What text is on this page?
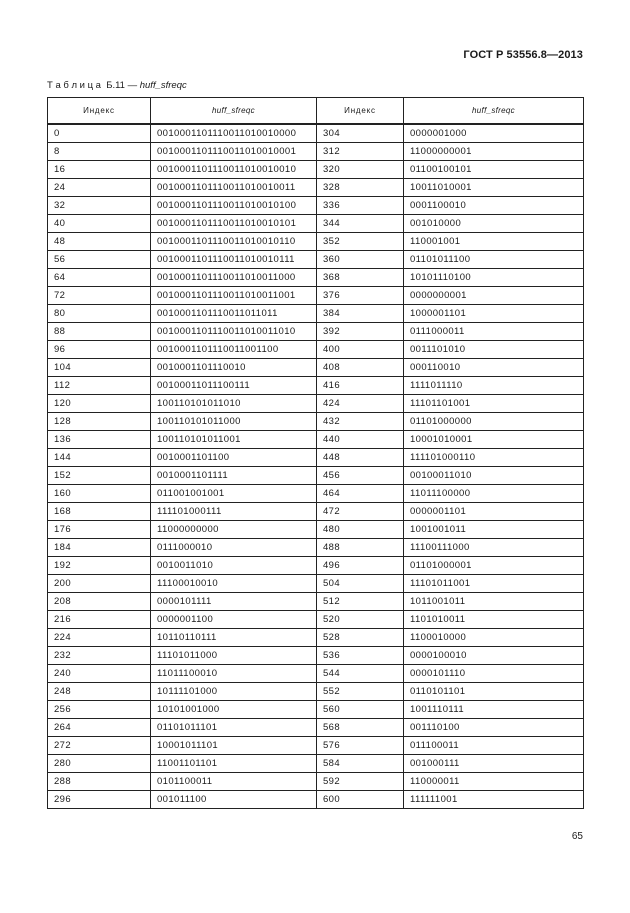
ГОСТ Р 53556.8—2013
Т а б л и ц а  Б.11 — huff_sfreqc
Индекс	huff_sfreqc	Индекс	huff_sfreqc
0	0010001101110011010010000	304	0000001000
8	0010001101110011010010001	312	11000000001
16	0010001101110011010010010	320	01100100101
24	0010001101110011010010011	328	10011010001
32	0010001101110011010010100	336	0001100010
40	0010001101110011010010101	344	001010000
48	0010001101110011010010110	352	110001001
56	0010001101110011010010111	360	01101011100
64	0010001101110011010011000	368	10101110100
72	0010001101110011010011001	376	0000000001
80	0010001101110011011011	384	1000001101
88	0010001101110011010011010	392	0111000011
96	0010001101110011001100	400	0011101010
104	0010001101110010	408	000110010
112	00100011011100111	416	1111011110
120	100110101011010	424	11101101001
128	100110101011000	432	01101000000
136	100110101011001	440	10001010001
144	0010001101100	448	111101000110
152	0010001101111	456	00100011010
160	011001001001	464	11011100000
168	111101000111	472	0000001101
176	11000000000	480	1001001011
184	0111000010	488	11100111000
192	0010011010	496	01101000001
200	11100010010	504	11101011001
208	0000101111	512	1011001011
216	0000001100	520	1101010011
224	10110110111	528	1100010000
232	11101011000	536	0000100010
240	11011100010	544	0000101110
248	10111101000	552	0110101101
256	10101001000	560	1001110111
264	01101011101	568	001110100
272	10001011101	576	011100011
280	11001101101	584	001000111
288	0101100011	592	110000011
296	001011100	600	111111001
65
